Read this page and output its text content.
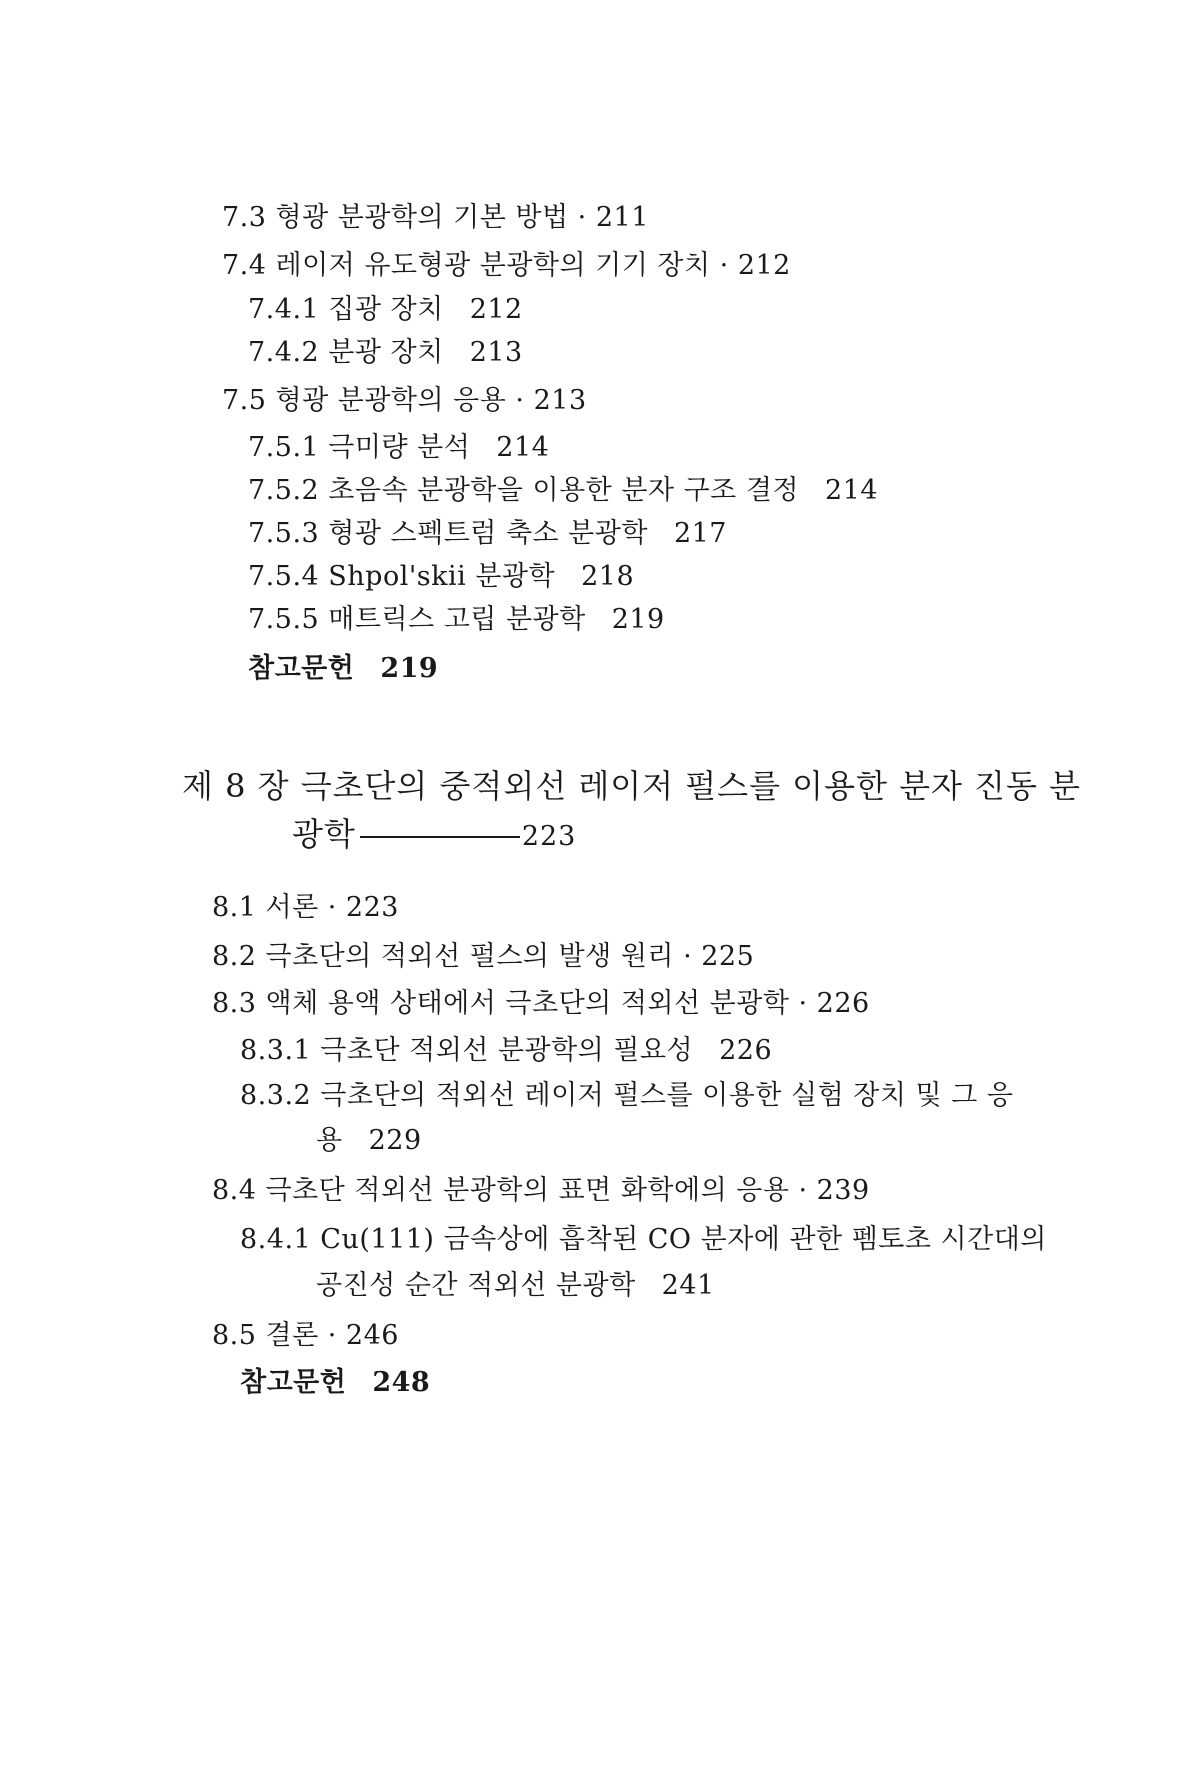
7.3 형광 분광학의 기본 방법 · 211
7.4 레이저 유도형광 분광학의 기기 장치 · 212
7.4.1 집광 장치 212
7.4.2 분광 장치 213
7.5 형광 분광학의 응용 · 213
7.5.1 극미량 분석 214
7.5.2 초음속 분광학을 이용한 분자 구조 결정 214
7.5.3 형광 스펙트럼 축소 분광학 217
7.5.4 Shpol'skii 분광학 218
7.5.5 매트릭스 고립 분광학 219
참고문헌 219
제 8 장 극초단의 중적외선 레이저 펄스를 이용한 분자 진동 분
광학	223
8.1 서론 · 223
8.2 극초단의 적외선 펄스의 발생 원리 · 225
8.3 액체 용액 상태에서 극초단의 적외선 분광학 · 226
8.3.1 극초단 적외선 분광학의 필요성 226
8.3.2 극초단의 적외선 레이저 펄스를 이용한 실험 장치 및 그 응
용 229
8.4 극초단 적외선 분광학의 표면 화학에의 응용 · 239
8.4.1 Cu(111) 금속상에 흡착된 CO 분자에 관한 펨토초 시간대의
공진성 순간 적외선 분광학 241
8.5 결론 · 246
참고문헌 248
